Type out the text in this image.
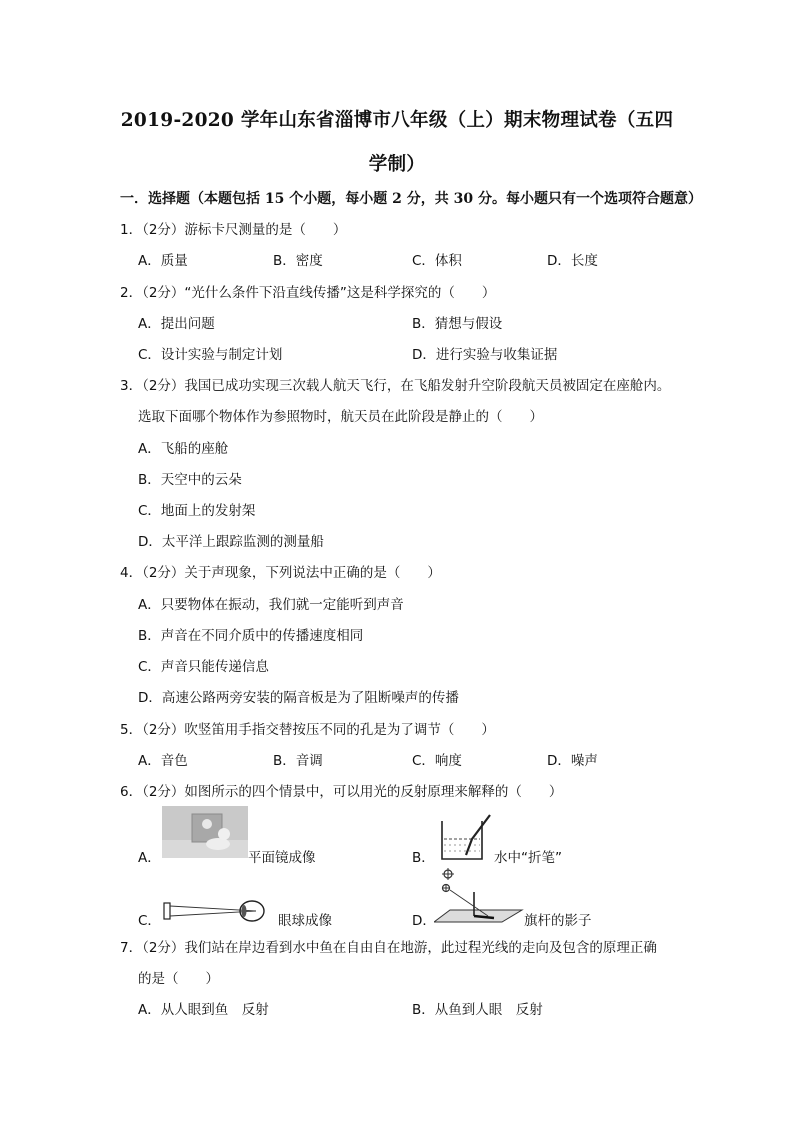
2019-2020 学年山东省淄博市八年级（上）期末物理试卷（五四
学制）
一．选择题（本题包括 15 个小题，每小题 2 分，共 30 分。每小题只有一个选项符合题意）
1．（2分）游标卡尺测量的是（　　）
A．质量	B．密度	C．体积	D．长度
2．（2分）“光什么条件下沿直线传播”这是科学探究的（　　）
A．提出问题	B．猜想与假设
C．设计实验与制定计划	D．进行实验与收集证据
3．（2分）我国已成功实现三次载人航天飞行，在飞船发射升空阶段航天员被固定在座舱内。
选取下面哪个物体作为参照物时，航天员在此阶段是静止的（　　）
A．飞船的座舱
B．天空中的云朵
C．地面上的发射架
D．太平洋上跟踪监测的测量船
4．（2分）关于声现象，下列说法中正确的是（　　）
A．只要物体在振动，我们就一定能听到声音
B．声音在不同介质中的传播速度相同
C．声音只能传递信息
D．高速公路两旁安装的隔音板是为了阻断噪声的传播
5．（2分）吹竖笛用手指交替按压不同的孔是为了调节（　　）
A．音色	B．音调	C．响度	D．噪声
6．（2分）如图所示的四个情景中，可以用光的反射原理来解释的（　　）
A．	平面镜成像	B．	水中“折笔”
C．	眼球成像	D．	旗杆的影子
7．（2分）我们站在岸边看到水中鱼在自由自在地游，此过程光线的走向及包含的原理正确
的是（　　）
A．从人眼到鱼　反射	B．从鱼到人眼　反射
